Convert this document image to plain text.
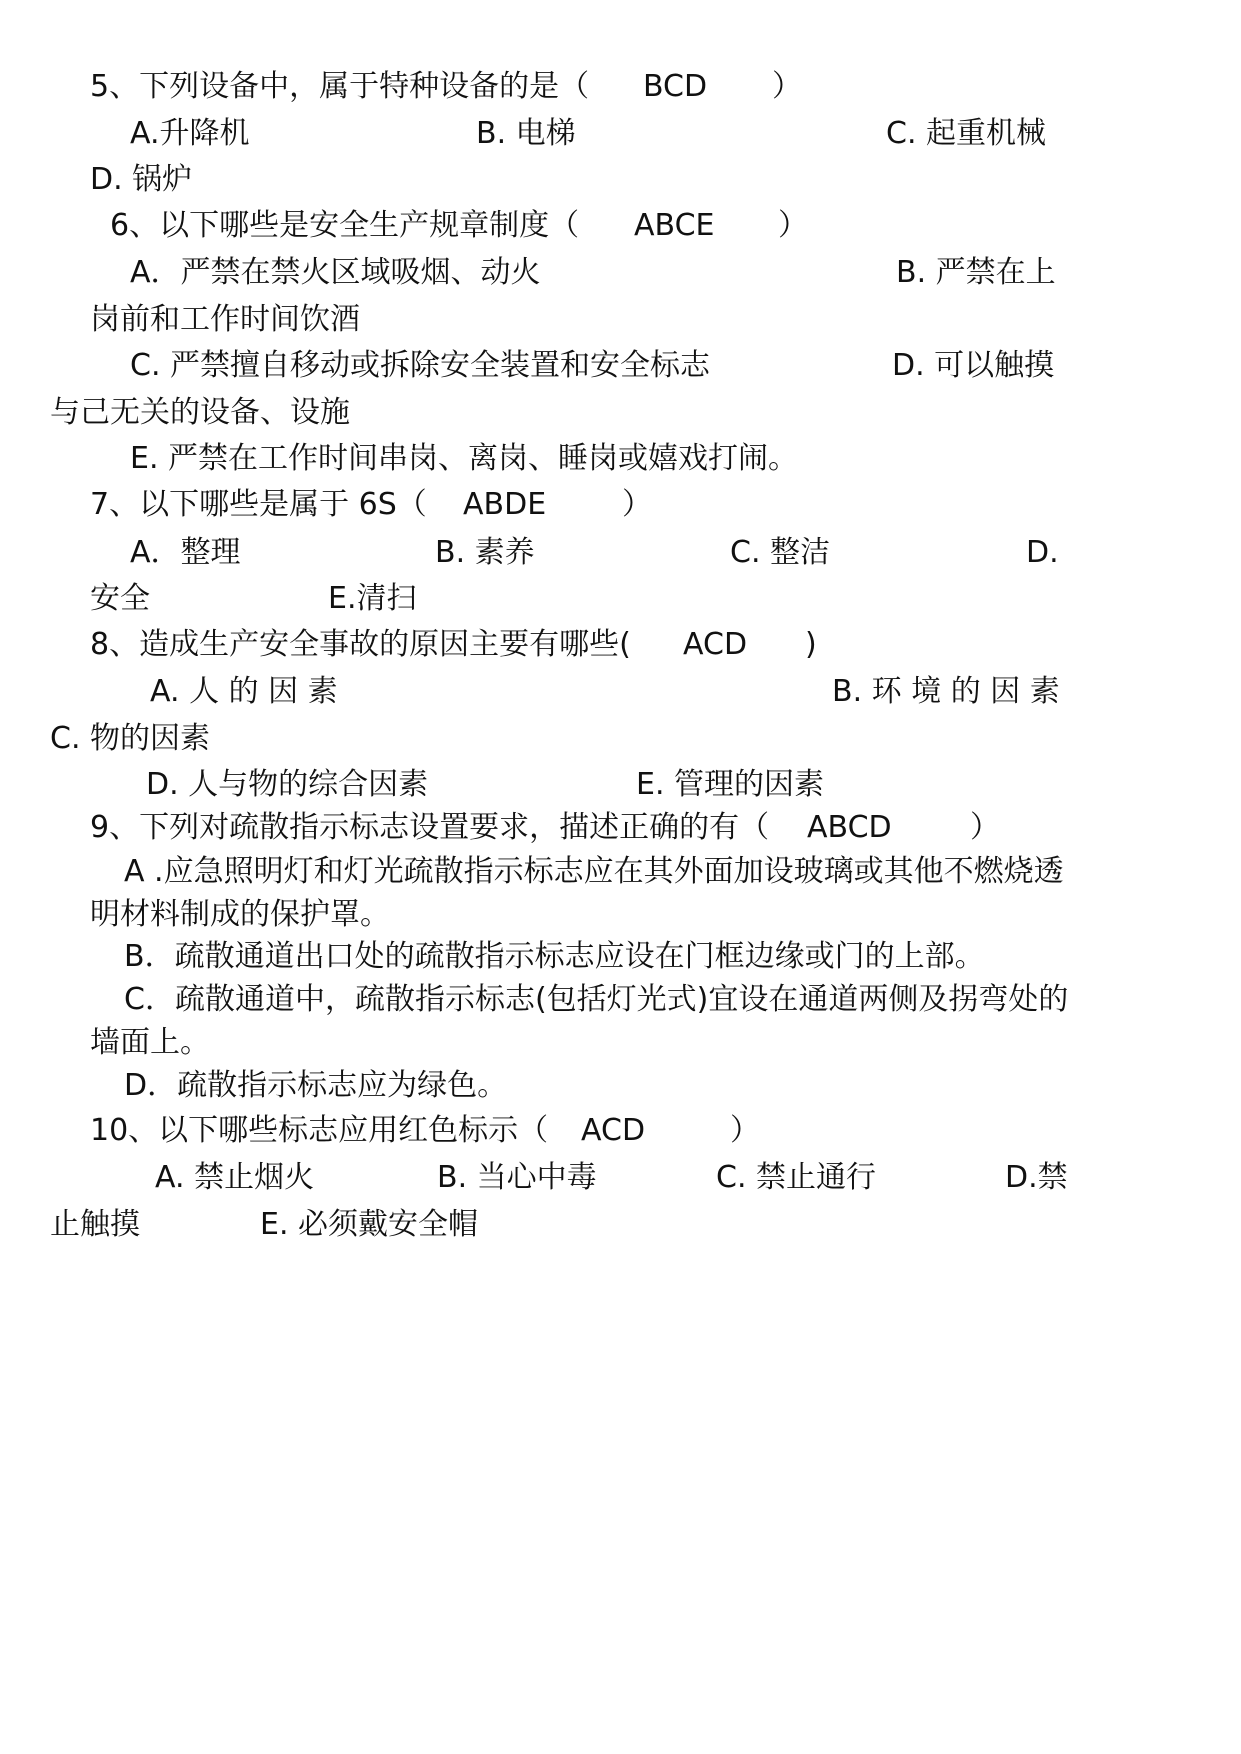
5、下列设备中，属于特种设备的是（ BCD ）
A.升降机	B. 电梯	C. 起重机械
D. 锅炉
6、以下哪些是安全生产规章制度（ ABCE ）
A．严禁在禁火区域吸烟、动火	B. 严禁在上
岗前和工作时间饮酒
C. 严禁擅自移动或拆除安全装置和安全标志	D. 可以触摸
与己无关的设备、设施
E. 严禁在工作时间串岗、离岗、睡岗或嬉戏打闹。
7、以下哪些是属于 6S（ ABDE	）
A．整理	B. 素养	C. 整洁	D.
安全	E.清扫
8、造成生产安全事故的原因主要有哪些( ACD )
A. 人 的 因 素	B. 环 境 的 因 素
C. 物的因素
D. 人与物的综合因素	E. 管理的因素
9、下列对疏散指示标志设置要求，描述正确的有（ ABCD	）
A .应急照明灯和灯光疏散指示标志应在其外面加设玻璃或其他不燃烧透
明材料制成的保护罩。
B．疏散通道出口处的疏散指示标志应设在门框边缘或门的上部。
C．疏散通道中，疏散指示标志(包括灯光式)宜设在通道两侧及拐弯处的
墙面上。
D．疏散指示标志应为绿色。
10、以下哪些标志应用红色标示（ ACD	）
A. 禁止烟火	B. 当心中毒	C. 禁止通行	D.禁
止触摸	E. 必须戴安全帽
